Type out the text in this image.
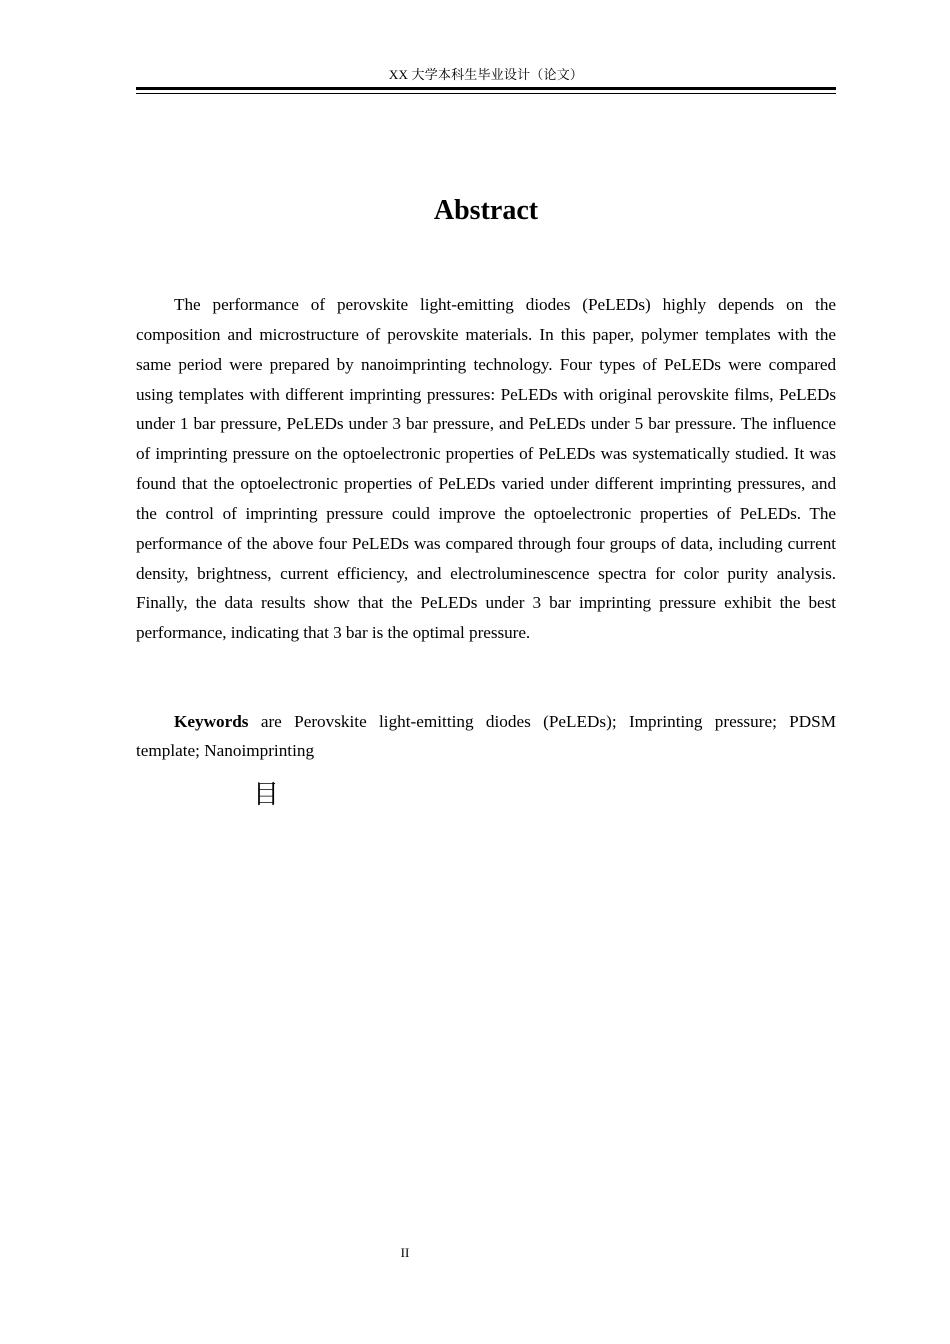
XX 大学本科生毕业设计（论文）
Abstract

The performance of perovskite light-emitting diodes (PeLEDs) highly depends on the composition and microstructure of perovskite materials. In this paper, polymer templates with the same period were prepared by nanoimprinting technology. Four types of PeLEDs were compared using templates with different imprinting pressures: PeLEDs with original perovskite films, PeLEDs under 1 bar pressure, PeLEDs under 3 bar pressure, and PeLEDs under 5 bar pressure. The influence of imprinting pressure on the optoelectronic properties of PeLEDs was systematically studied. It was found that the optoelectronic properties of PeLEDs varied under different imprinting pressures, and the control of imprinting pressure could improve the optoelectronic properties of PeLEDs. The performance of the above four PeLEDs was compared through four groups of data, including current density, brightness, current efficiency, and electroluminescence spectra for color purity analysis. Finally, the data results show that the PeLEDs under 3 bar imprinting pressure exhibit the best performance, indicating that 3 bar is the optimal pressure.

Keywords are Perovskite light-emitting diodes (PeLEDs); Imprinting pressure; PDSM template; Nanoimprinting

目
II
